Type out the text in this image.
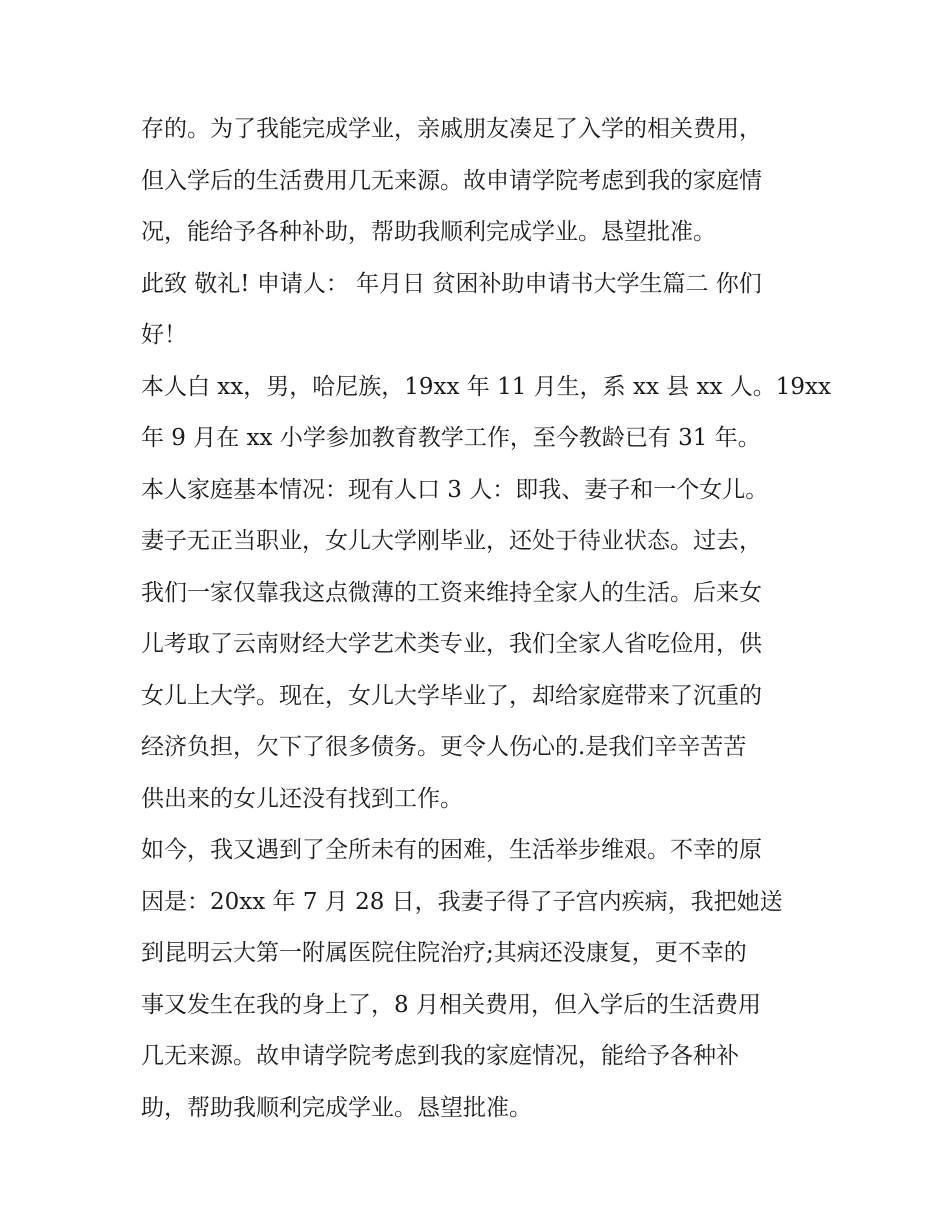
存的。为了我能完成学业，亲戚朋友凑足了入学的相关费用，

但入学后的生活费用几无来源。故申请学院考虑到我的家庭情

况，能给予各种补助，帮助我顺利完成学业。恳望批准。

此致 敬礼! 申请人： 年月日 贫困补助申请书大学生篇二 你们

好！

本人白 xx，男，哈尼族，19xx 年 11 月生，系 xx 县 xx 人。19xx

年 9 月在 xx 小学参加教育教学工作，至今教龄已有 31 年。

本人家庭基本情况：现有人口 3 人：即我、妻子和一个女儿。

妻子无正当职业，女儿大学刚毕业，还处于待业状态。过去，

我们一家仅靠我这点微薄的工资来维持全家人的生活。后来女

儿考取了云南财经大学艺术类专业，我们全家人省吃俭用，供

女儿上大学。现在，女儿大学毕业了，却给家庭带来了沉重的

经济负担，欠下了很多债务。更令人伤心的.是我们辛辛苦苦

供出来的女儿还没有找到工作。

如今，我又遇到了全所未有的困难，生活举步维艰。不幸的原

因是：20xx 年 7 月 28 日，我妻子得了子宫内疾病，我把她送

到昆明云大第一附属医院住院治疗;其病还没康复，更不幸的

事又发生在我的身上了，8 月相关费用，但入学后的生活费用

几无来源。故申请学院考虑到我的家庭情况，能给予各种补

助，帮助我顺利完成学业。恳望批准。
